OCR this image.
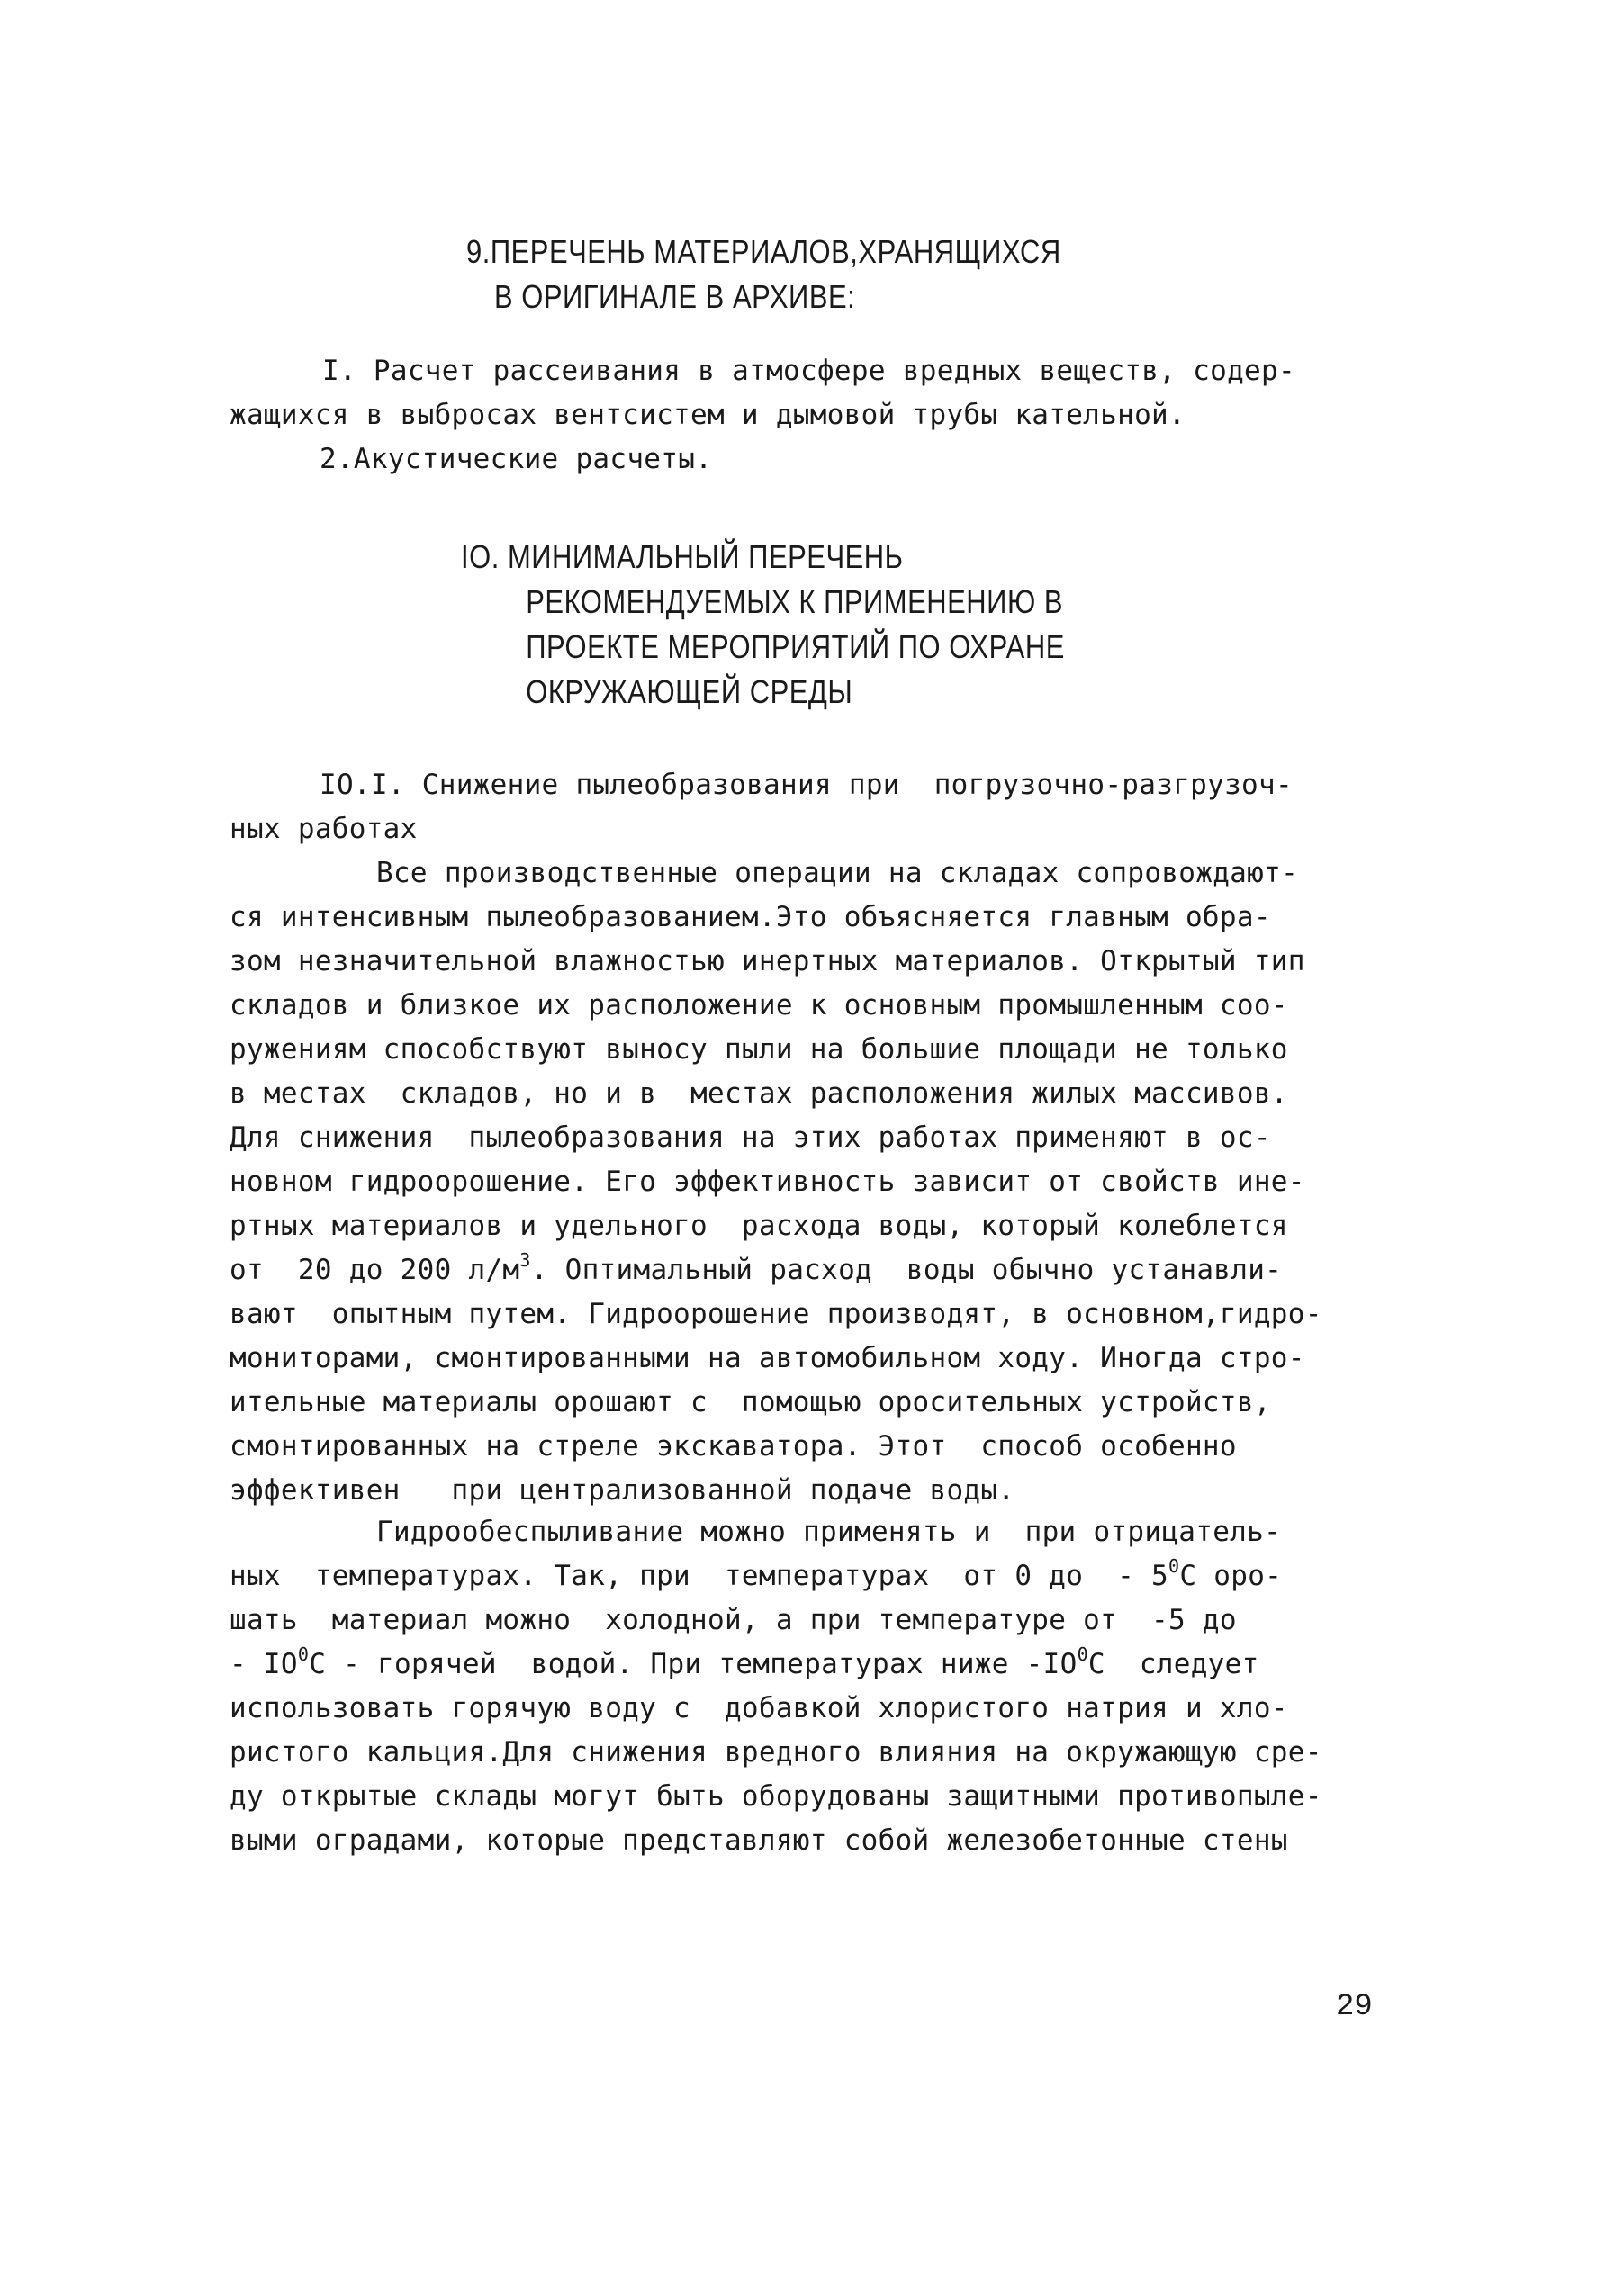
9.ПЕРЕЧЕНЬ МАТЕРИАЛОВ,ХРАНЯЩИХСЯ
В ОРИГИНАЛЕ В АРХИВЕ:
I. Расчет рассеивания в атмосфере вредных веществ, содер-
жащихся в выбросах вентсистем и дымовой трубы кательной.
2.Акустические расчеты.
IO. МИНИМАЛЬНЫЙ ПЕРЕЧЕНЬ
РЕКОМЕНДУЕМЫХ К ПРИМЕНЕНИЮ В
ПРОЕКТЕ МЕРОПРИЯТИЙ ПО ОХРАНЕ
ОКРУЖАЮЩЕЙ СРЕДЫ
IO.I. Снижение пылеобразования при  погрузочно-разгрузоч-
ных работах
Все производственные операции на складах сопровождают-
ся интенсивным пылеобразованием.Это объясняется главным обра-
зом незначительной влажностью инертных материалов. Открытый тип
складов и близкое их расположение к основным промышленным соо-
ружениям способствуют выносу пыли на большие площади не только
в местах  складов, но и в  местах расположения жилых массивов.
Для снижения  пылеобразования на этих работах применяют в ос-
новном гидроорошение. Его эффективность зависит от свойств ине-
ртных материалов и удельного  расхода воды, который колеблется
от  20 до 200 $л/м^3$. Оптимальный расход  воды обычно устанавли-
вают  опытным путем. Гидроорошение производят, в основном,гидро-
мониторами, смонтированными на автомобильном ходу. Иногда стро-
ительные материалы орошают с  помощью оросительных устройств,
смонтированных на стреле экскаватора. Этот  способ особенно
эффективен   при централизованной подаче воды.
Гидрообеспыливание можно применять и  при отрицатель-
ных  температурах. Так, при  температурах  от 0 до  - $5^0С$ оро-
шать  материал можно  холодной, а при температуре от  -5 до
- $IO^0С$ - горячей  водой. При температурах ниже $-IO^0С$  следует
использовать горячую воду с  добавкой хлористого натрия и хло-
ристого кальция.Для снижения вредного влияния на окружающую сре-
ду открытые склады могут быть оборудованы защитными противопыле-
выми оградами, которые представляют собой железобетонные стены
29
